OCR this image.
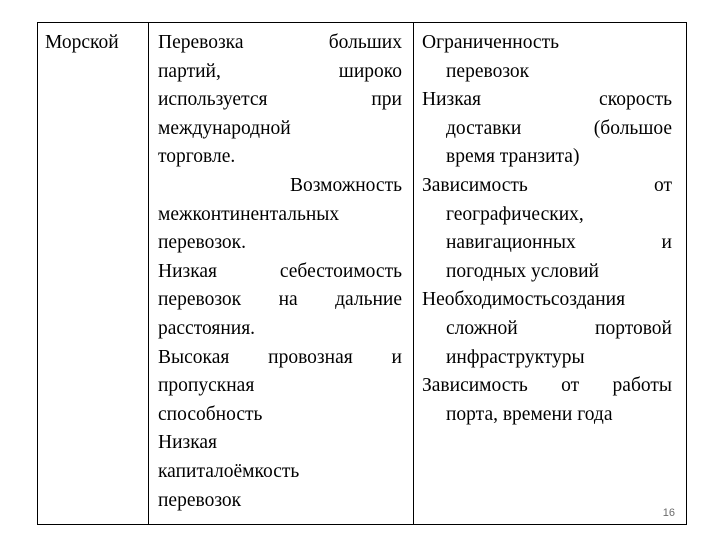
Морской	Перевозка больших
партий, широко
используется при
международной
торговле.
Возможность
межконтинентальных
перевозок.
Низкая себестоимость
перевозок на дальние
расстояния.
Высокая провозная и
пропускная
способность
Низкая
капиталоёмкость
перевозок
Ограниченность
перевозок
Низкая скорость
доставки (большое
время транзита)
Зависимость от
географических,
навигационных и
погодных условий
Необходимостьсоздания
сложной портовой
инфраструктуры
Зависимость от работы
порта, времени года
16
